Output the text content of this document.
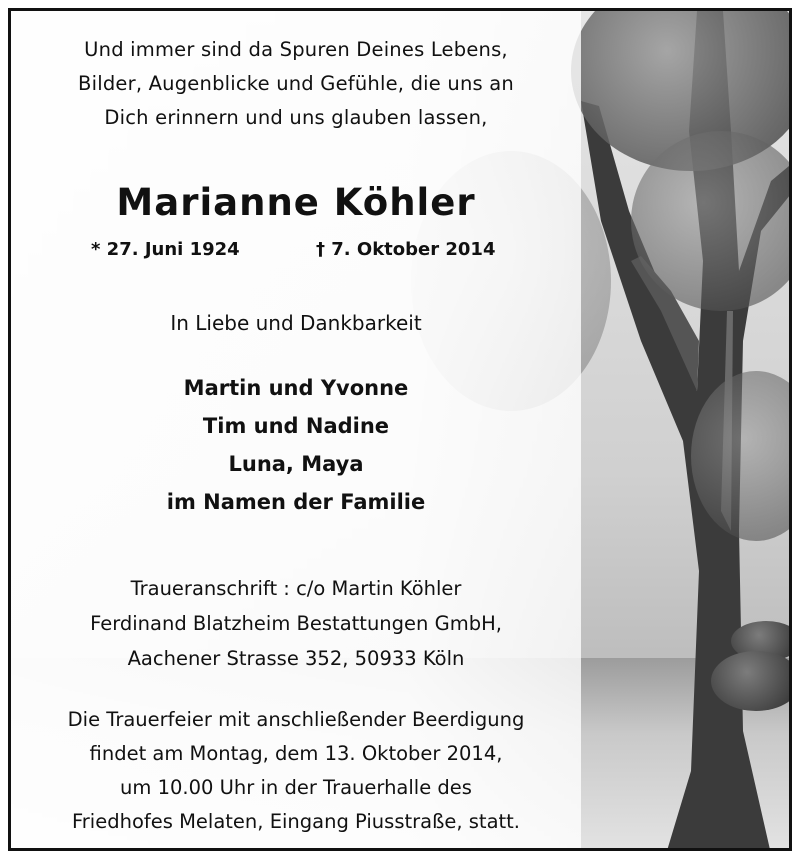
Und immer sind da Spuren Deines Lebens,
Bilder, Augenblicke und Gefühle, die uns an
Dich erinnern und uns glauben lassen,
Marianne Köhler
* 27. Juni 1924	† 7. Oktober 2014
In Liebe und Dankbarkeit
Martin und Yvonne
Tim und Nadine
Luna, Maya
im Namen der Familie
Traueranschrift : c/o Martin Köhler
Ferdinand Blatzheim Bestattungen GmbH,
Aachener Strasse 352, 50933 Köln
Die Trauerfeier mit anschließender Beerdigung
findet am Montag, dem 13. Oktober 2014,
um 10.00 Uhr in der Trauerhalle des
Friedhofes Melaten, Eingang Piusstraße, statt.
